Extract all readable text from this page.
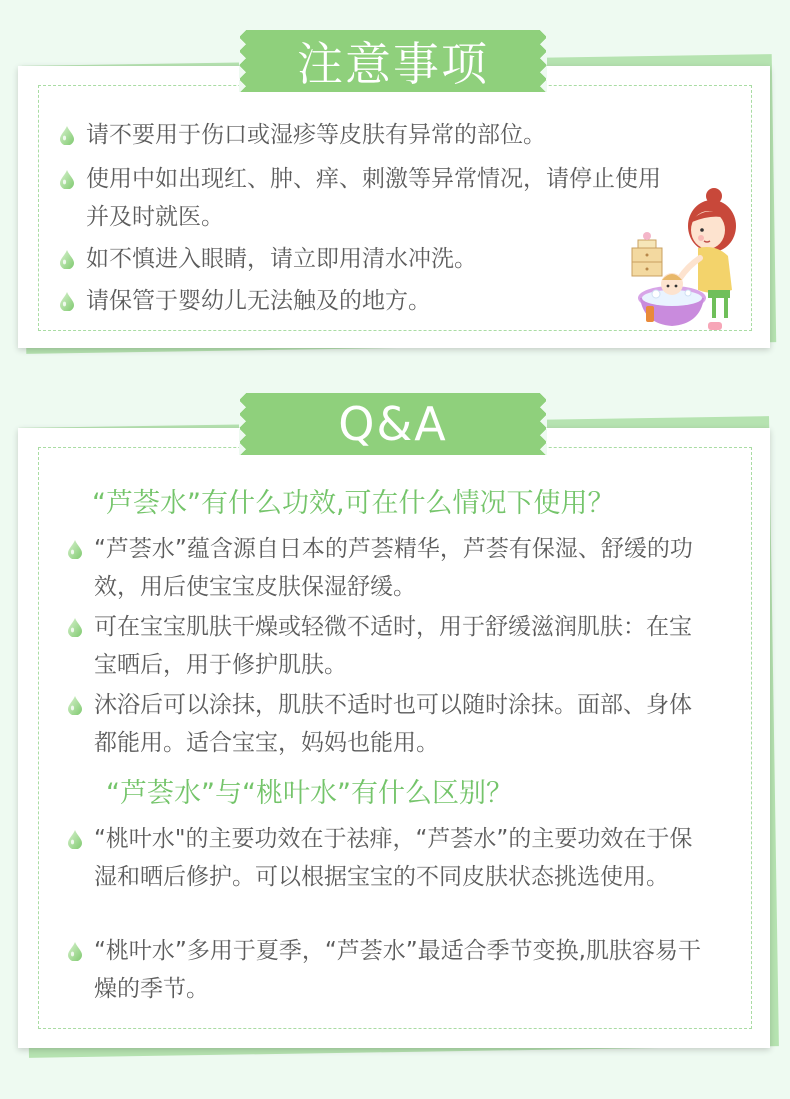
注意事项
请不要用于伤口或湿疹等皮肤有异常的部位。
使用中如出现红、肿、痒、刺激等异常情况，请停止使用并及时就医。
如不慎进入眼睛，请立即用清水冲洗。
请保管于婴幼儿无法触及的地方。
Q&A
“芦荟水”有什么功效,可在什么情况下使用？
“芦荟水”蕴含源自日本的芦荟精华，芦荟有保湿、舒缓的功效，用后使宝宝皮肤保湿舒缓。
可在宝宝肌肤干燥或轻微不适时，用于舒缓滋润肌肤：在宝宝晒后，用于修护肌肤。
沐浴后可以涂抹，肌肤不适时也可以随时涂抹。面部、身体都能用。适合宝宝，妈妈也能用。
“芦荟水”与“桃叶水”有什么区别？
“桃叶水"的主要功效在于祛痱，“芦荟水”的主要功效在于保湿和晒后修护。可以根据宝宝的不同皮肤状态挑选使用。
“桃叶水”多用于夏季，“芦荟水”最适合季节变换,肌肤容易干燥的季节。
